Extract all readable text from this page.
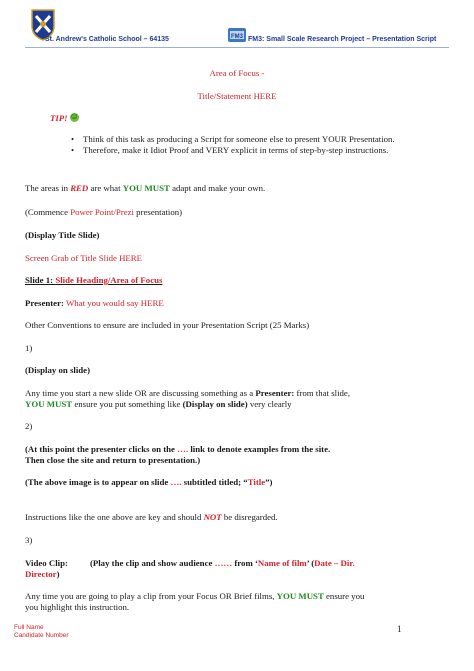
St. Andrew's Catholic School – 64135	FM3 FM3: Small Scale Research Project – Presentation Script
Area of Focus -
Title/Statement HERE
TIP!☺
• Think of this task as producing a Script for someone else to present YOUR Presentation.
• Therefore, make it Idiot Proof and VERY explicit in terms of step-by-step instructions.
The areas in RED are what YOU MUST adapt and make your own.
(Commence Power Point/Prezi presentation)
(Display Title Slide)
Screen Grab of Title Slide HERE
Slide 1: Slide Heading/Area of Focus
Presenter: What you would say HERE
Other Conventions to ensure are included in your Presentation Script (25 Marks)
1)
(Display on slide)
Any time you start a new slide OR are discussing something as a Presenter: from that slide,
YOU MUST ensure you put something like (Display on slide) very clearly
2)
(At this point the presenter clicks on the …. link to denote examples from the site.
Then close the site and return to presentation.)
(The above image is to appear on slide …. subtitled titled; “Title”)
Instructions like the one above are key and should NOT be disregarded.
3)
Video Clip:	(Play the clip and show audience …… from ‘Name of film’ (Date – Dir.
Director)
Any time you are going to play a clip from your Focus OR Brief films, YOU MUST ensure you
you highlight this instruction.
Full Name
Candidate Number
1
